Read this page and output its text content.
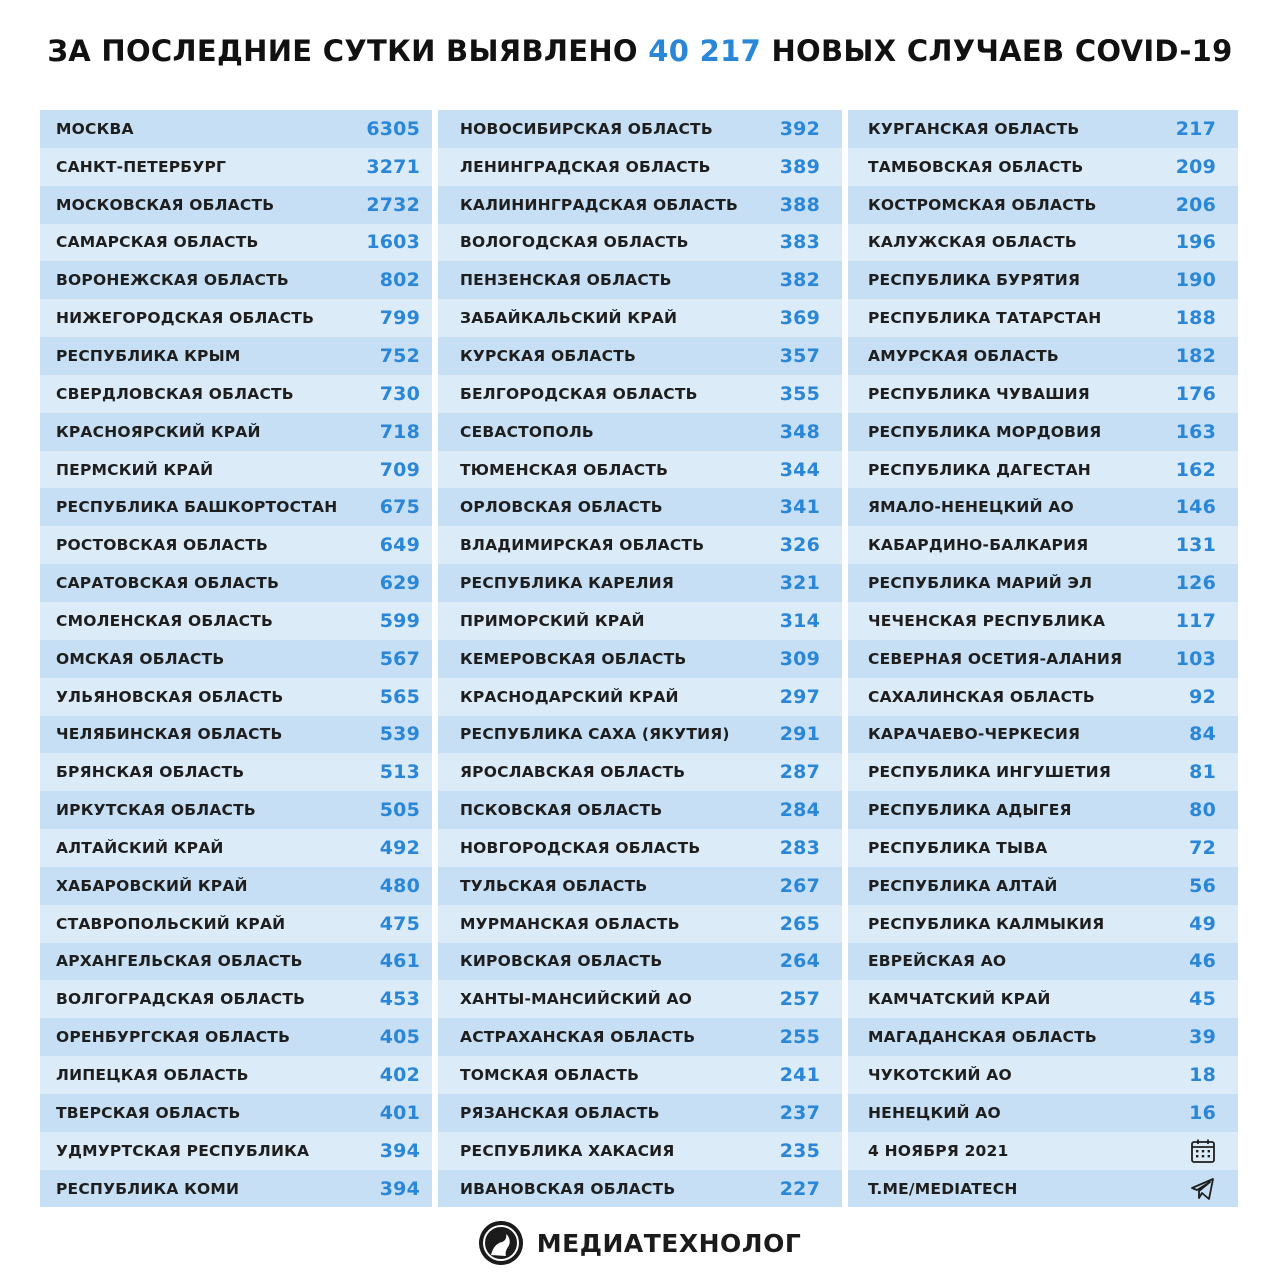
ЗА ПОСЛЕДНИЕ СУТКИ ВЫЯВЛЕНО 40 217 НОВЫХ СЛУЧАЕВ COVID-19
МОСКВА	6305
САНКТ-ПЕТЕРБУРГ	3271
МОСКОВСКАЯ ОБЛАСТЬ	2732
САМАРСКАЯ ОБЛАСТЬ	1603
ВОРОНЕЖСКАЯ ОБЛАСТЬ	802
НИЖЕГОРОДСКАЯ ОБЛАСТЬ	799
РЕСПУБЛИКА КРЫМ	752
СВЕРДЛОВСКАЯ ОБЛАСТЬ	730
КРАСНОЯРСКИЙ КРАЙ	718
ПЕРМСКИЙ КРАЙ	709
РЕСПУБЛИКА БАШКОРТОСТАН 675
РОСТОВСКАЯ ОБЛАСТЬ	649
САРАТОВСКАЯ ОБЛАСТЬ	629
СМОЛЕНСКАЯ ОБЛАСТЬ	599
ОМСКАЯ ОБЛАСТЬ	567
УЛЬЯНОВСКАЯ ОБЛАСТЬ	565
ЧЕЛЯБИНСКАЯ ОБЛАСТЬ	539
БРЯНСКАЯ ОБЛАСТЬ	513
ИРКУТСКАЯ ОБЛАСТЬ	505
АЛТАЙСКИЙ КРАЙ	492
ХАБАРОВСКИЙ КРАЙ	480
СТАВРОПОЛЬСКИЙ КРАЙ	475
АРХАНГЕЛЬСКАЯ ОБЛАСТЬ	461
ВОЛГОГРАДСКАЯ ОБЛАСТЬ	453
ОРЕНБУРГСКАЯ ОБЛАСТЬ	405
ЛИПЕЦКАЯ ОБЛАСТЬ	402
ТВЕРСКАЯ ОБЛАСТЬ	401
УДМУРТСКАЯ РЕСПУБЛИКА	394
РЕСПУБЛИКА КОМИ	394
НОВОСИБИРСКАЯ ОБЛАСТЬ	392
ЛЕНИНГРАДСКАЯ ОБЛАСТЬ	389
КАЛИНИНГРАДСКАЯ ОБЛАСТЬ 388
ВОЛОГОДСКАЯ ОБЛАСТЬ	383
ПЕНЗЕНСКАЯ ОБЛАСТЬ	382
ЗАБАЙКАЛЬСКИЙ КРАЙ	369
КУРСКАЯ ОБЛАСТЬ	357
БЕЛГОРОДСКАЯ ОБЛАСТЬ	355
СЕВАСТОПОЛЬ	348
ТЮМЕНСКАЯ ОБЛАСТЬ	344
ОРЛОВСКАЯ ОБЛАСТЬ	341
ВЛАДИМИРСКАЯ ОБЛАСТЬ	326
РЕСПУБЛИКА КАРЕЛИЯ	321
ПРИМОРСКИЙ КРАЙ	314
КЕМЕРОВСКАЯ ОБЛАСТЬ	309
КРАСНОДАРСКИЙ КРАЙ	297
РЕСПУБЛИКА САХА (ЯКУТИЯ)	291
ЯРОСЛАВСКАЯ ОБЛАСТЬ	287
ПСКОВСКАЯ ОБЛАСТЬ	284
НОВГОРОДСКАЯ ОБЛАСТЬ	283
ТУЛЬСКАЯ ОБЛАСТЬ	267
МУРМАНСКАЯ ОБЛАСТЬ	265
КИРОВСКАЯ ОБЛАСТЬ	264
ХАНТЫ-МАНСИЙСКИЙ АО	257
АСТРАХАНСКАЯ ОБЛАСТЬ	255
ТОМСКАЯ ОБЛАСТЬ	241
РЯЗАНСКАЯ ОБЛАСТЬ	237
РЕСПУБЛИКА ХАКАСИЯ	235
ИВАНОВСКАЯ ОБЛАСТЬ	227
КУРГАНСКАЯ ОБЛАСТЬ	217
ТАМБОВСКАЯ ОБЛАСТЬ	209
КОСТРОМСКАЯ ОБЛАСТЬ	206
КАЛУЖСКАЯ ОБЛАСТЬ	196
РЕСПУБЛИКА БУРЯТИЯ	190
РЕСПУБЛИКА ТАТАРСТАН	188
АМУРСКАЯ ОБЛАСТЬ	182
РЕСПУБЛИКА ЧУВАШИЯ	176
РЕСПУБЛИКА МОРДОВИЯ	163
РЕСПУБЛИКА ДАГЕСТАН	162
ЯМАЛО-НЕНЕЦКИЙ АО	146
КАБАРДИНО-БАЛКАРИЯ	131
РЕСПУБЛИКА МАРИЙ ЭЛ	126
ЧЕЧЕНСКАЯ РЕСПУБЛИКА	117
СЕВЕРНАЯ ОСЕТИЯ-АЛАНИЯ	103
САХАЛИНСКАЯ ОБЛАСТЬ	92
КАРАЧАЕВО-ЧЕРКЕСИЯ	84
РЕСПУБЛИКА ИНГУШЕТИЯ	81
РЕСПУБЛИКА АДЫГЕЯ	80
РЕСПУБЛИКА ТЫВА	72
РЕСПУБЛИКА АЛТАЙ	56
РЕСПУБЛИКА КАЛМЫКИЯ	49
ЕВРЕЙСКАЯ АО	46
КАМЧАТСКИЙ КРАЙ	45
МАГАДАНСКАЯ ОБЛАСТЬ	39
ЧУКОТСКИЙ АО	18
НЕНЕЦКИЙ АО	16
4 НОЯБРЯ 2021
T.ME/MEDIATECH
МЕДИАТЕХНОЛОГ
